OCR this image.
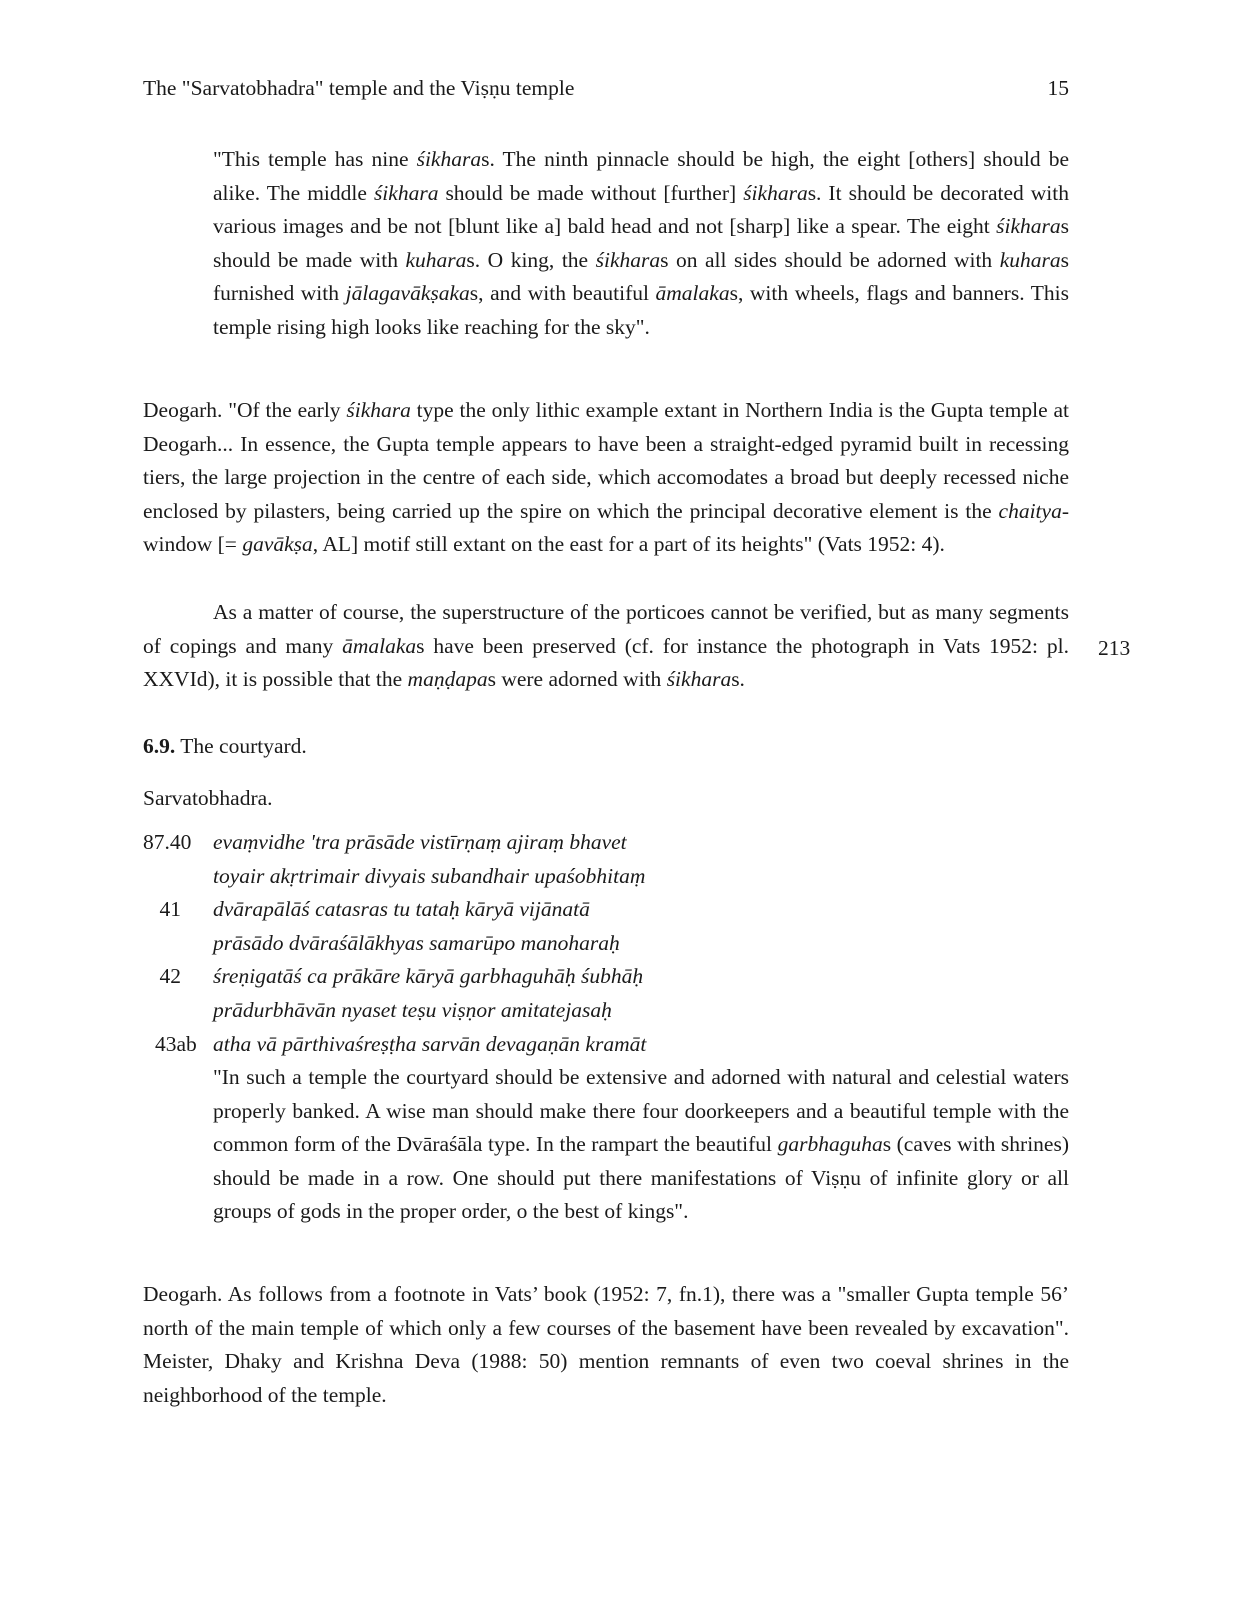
The "Sarvatobhadra" temple and the Viṣṇu temple	15

"This temple has nine śikharas. The ninth pinnacle should be high, the eight [others] should be alike. The middle śikhara should be made without [further] śikharas. It should be decorated with various images and be not [blunt like a] bald head and not [sharp] like a spear. The eight śikharas should be made with kuharas. O king, the śikharas on all sides should be adorned with kuharas furnished with jālagavākṣakas, and with beautiful āmalakas, with wheels, flags and banners. This temple rising high looks like reaching for the sky".

Deogarh. "Of the early śikhara type the only lithic example extant in Northern India is the Gupta temple at Deogarh... In essence, the Gupta temple appears to have been a straight-edged pyramid built in recessing tiers, the large projection in the centre of each side, which accomodates a broad but deeply recessed niche enclosed by pilasters, being carried up the spire on which the principal decorative element is the chaitya-window [= gavākṣa, AL] motif still extant on the east for a part of its heights" (Vats 1952: 4).

As a matter of course, the superstructure of the porticoes cannot be verified, but as many segments of copings and many āmalakas have been preserved (cf. for instance the photograph in Vats 1952: pl. XXVId), it is possible that the maṇḍapas were adorned with śikharas.

6.9. The courtyard.

Sarvatobhadra.

87.40	evaṃvidhe 'tra prāsāde vistīrṇaṃ ajiraṃ bhavet
toyair akṛtrimair divyais subandhair upaśobhitaṃ
41 dvārapālāś catasras tu tataḥ kāryā vijānatā
prāsādo dvāraśālākhyas samarūpo manoharaḥ
42 śreṇigatāś ca prākāre kāryā garbhaguhāḥ śubhāḥ
prādurbhāvān nyaset teṣu viṣṇor amitatejasaḥ
43ab atha vā pārthivaśreṣṭha sarvān devagaṇān kramāt

"In such a temple the courtyard should be extensive and adorned with natural and celestial waters properly banked. A wise man should make there four doorkeepers and a beautiful temple with the common form of the Dvāraśāla type. In the rampart the beautiful garbhaguhas (caves with shrines) should be made in a row. One should put there manifestations of Viṣṇu of infinite glory or all groups of gods in the proper order, o the best of kings".

Deogarh. As follows from a footnote in Vats’ book (1952: 7, fn.1), there was a "smaller Gupta temple 56’ north of the main temple of which only a few courses of the basement have been revealed by excavation". Meister, Dhaky and Krishna Deva (1988: 50) mention remnants of even two coeval shrines in the neighborhood of the temple.

213
